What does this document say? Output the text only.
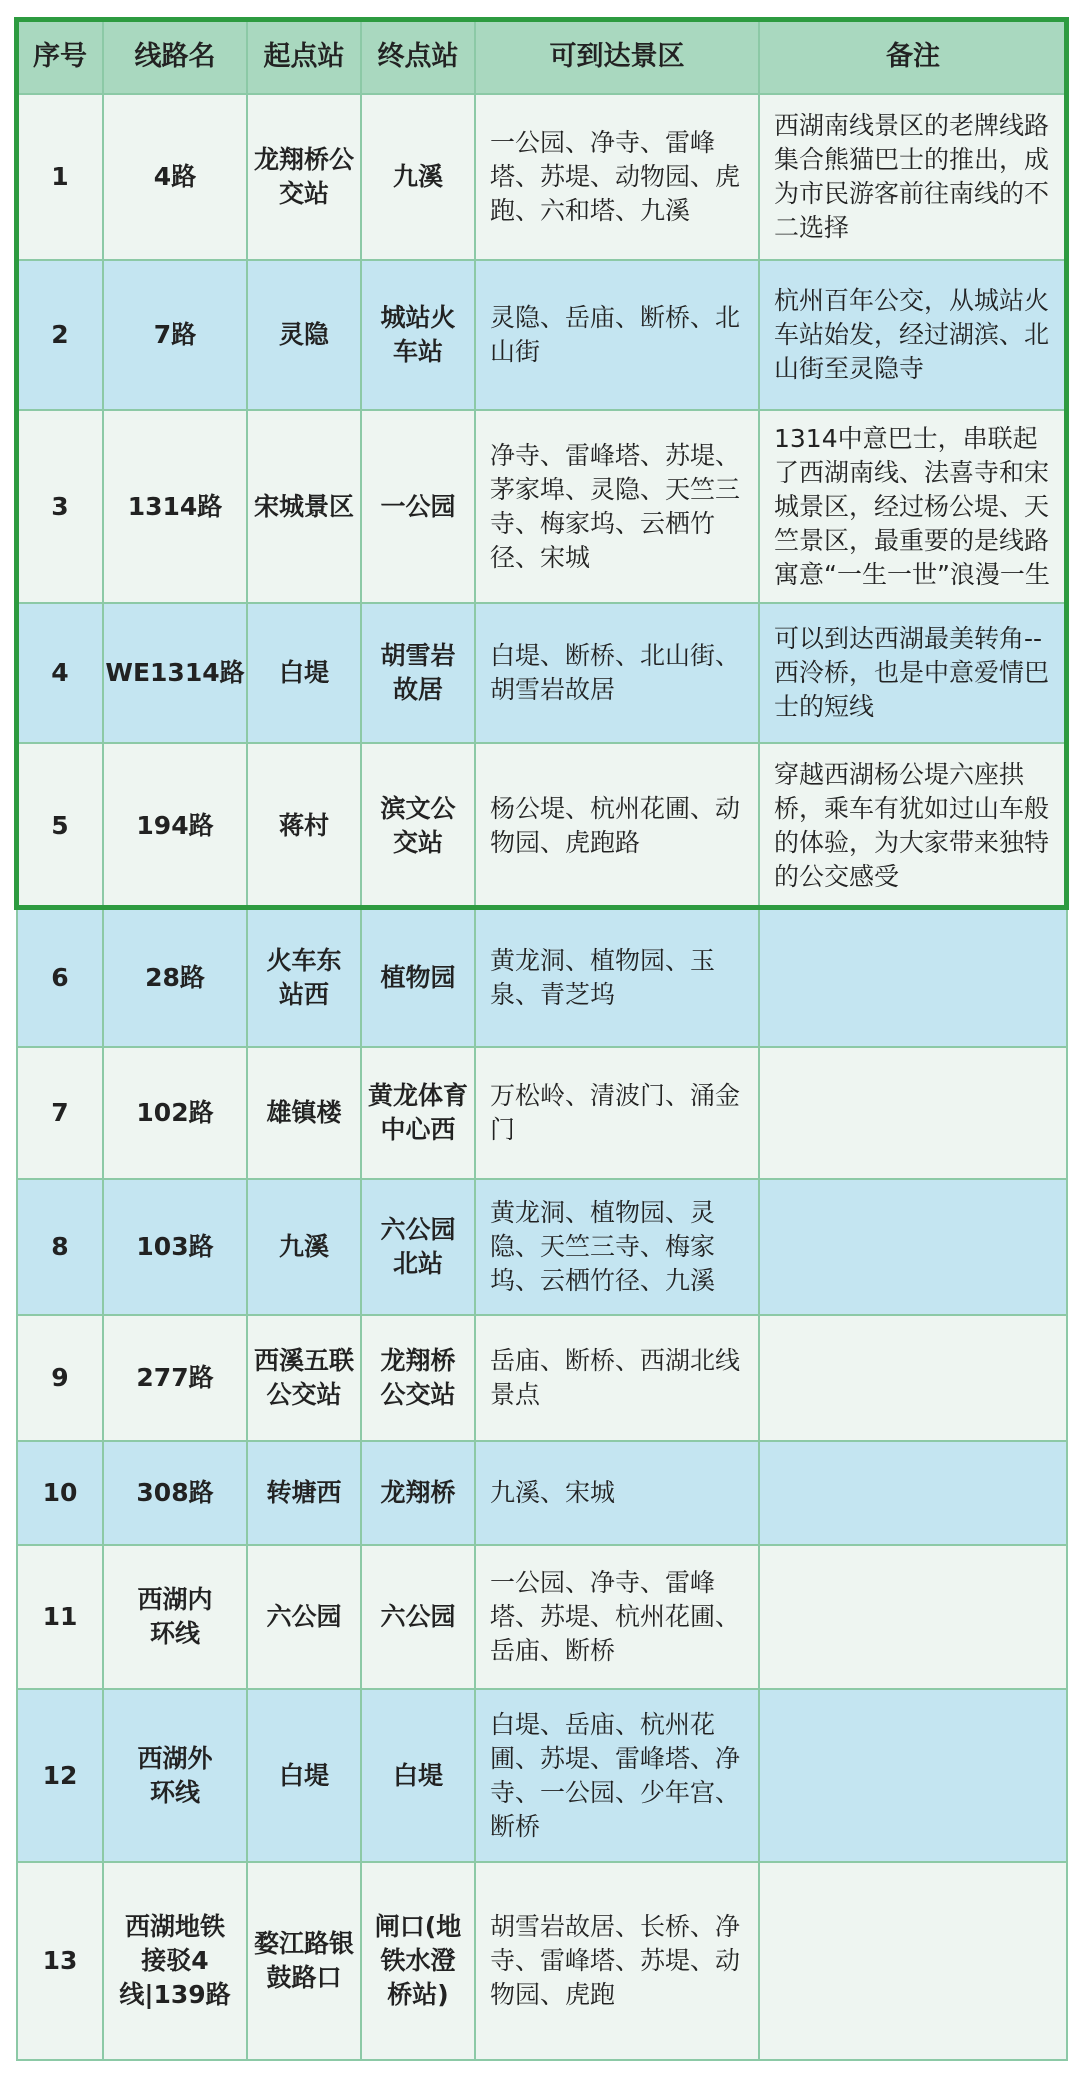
序号	线路名	起点站	终点站	可到达景区	备注
1	4路	龙翔桥公交站	九溪	一公园、净寺、雷峰塔、苏堤、动物园、虎跑、六和塔、九溪	西湖南线景区的老牌线路集合熊猫巴士的推出，成为市民游客前往南线的不二选择
2	7路	灵隐	城站火车站	灵隐、岳庙、断桥、北山街	杭州百年公交，从城站火车站始发，经过湖滨、北山街至灵隐寺
3	1314路	宋城景区	一公园	净寺、雷峰塔、苏堤、茅家埠、灵隐、天竺三寺、梅家坞、云栖竹径、宋城	1314中意巴士，串联起了西湖南线、法喜寺和宋城景区，经过杨公堤、天竺景区，最重要的是线路寓意“一生一世”浪漫一生
4	WE1314路	白堤	胡雪岩故居	白堤、断桥、北山街、胡雪岩故居	可以到达西湖最美转角--西泠桥，也是中意爱情巴士的短线
5	194路	蒋村	滨文公交站	杨公堤、杭州花圃、动物园、虎跑路	穿越西湖杨公堤六座拱桥，乘车有犹如过山车般的体验，为大家带来独特的公交感受
6	28路	火车东站西	植物园	黄龙洞、植物园、玉泉、青芝坞	
7	102路	雄镇楼	黄龙体育中心西	万松岭、清波门、涌金门	
8	103路	九溪	六公园北站	黄龙洞、植物园、灵隐、天竺三寺、梅家坞、云栖竹径、九溪	
9	277路	西溪五联公交站	龙翔桥公交站	岳庙、断桥、西湖北线景点	
10	308路	转塘西	龙翔桥	九溪、宋城	
11	西湖内环线	六公园	六公园	一公园、净寺、雷峰塔、苏堤、杭州花圃、岳庙、断桥	
12	西湖外环线	白堤	白堤	白堤、岳庙、杭州花圃、苏堤、雷峰塔、净寺、一公园、少年宫、断桥	
13	西湖地铁接驳4线|139路	婺江路银鼓路口	闸口(地铁水澄桥站)	胡雪岩故居、长桥、净寺、雷峰塔、苏堤、动物园、虎跑	
